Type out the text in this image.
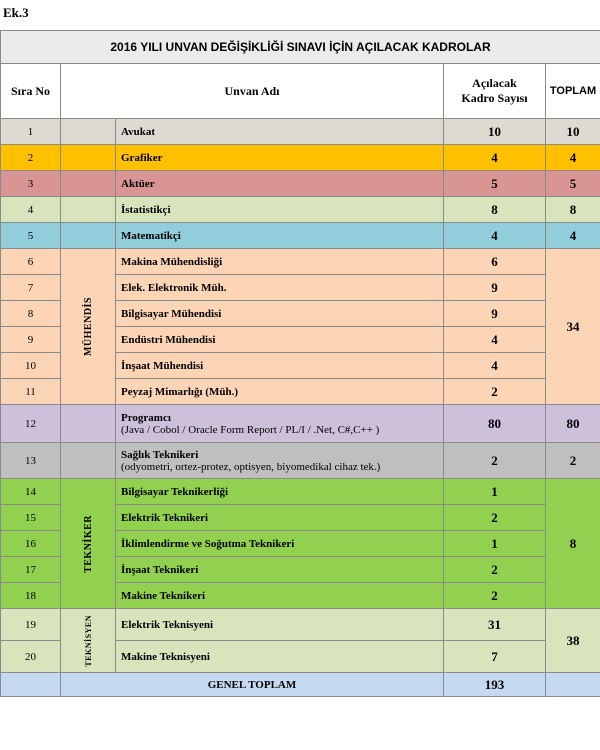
Ek.3
2016 YILI UNVAN DEĞİŞİKLİĞİ SINAVI İÇİN AÇILACAK KADROLAR				
Sıra No	Unvan Adı		Açılacak
Kadro Sayısı	TOPLAM
1		Avukat	10	10
2		Grafiker	4	4
3		Aktüer	5	5
4		İstatistikçi	8	8
5		Matematikçi	4	4
6	MÜHENDİS	Makina Mühendisliği	6	34
7		Elek. Elektronik Müh.	9	
8		Bilgisayar Mühendisi	9	
9		Endüstri Mühendisi	4	
10		İnşaat Mühendisi	4	
11		Peyzaj Mimarlığı (Müh.)	2	
12		Programcı
(Java / Cobol / Oracle Form Report / PL/I / .Net, C#,C++ )	80	80
13		Sağlık Teknikeri
(odyometri, ortez-protez, optisyen, biyomedikal cihaz tek.)	2	2
14	TEKNİKER	Bilgisayar Teknikerliği	1	8
15		Elektrik Teknikeri	2	
16		İklimlendirme ve Soğutma Teknikeri	1	
17		İnşaat Teknikeri	2	
18		Makine Teknikeri	2	
19	TEKNİSYEN	Elektrik Teknisyeni	31	38
20		Makine Teknisyeni	7	
	GENEL TOPLAM		193	
